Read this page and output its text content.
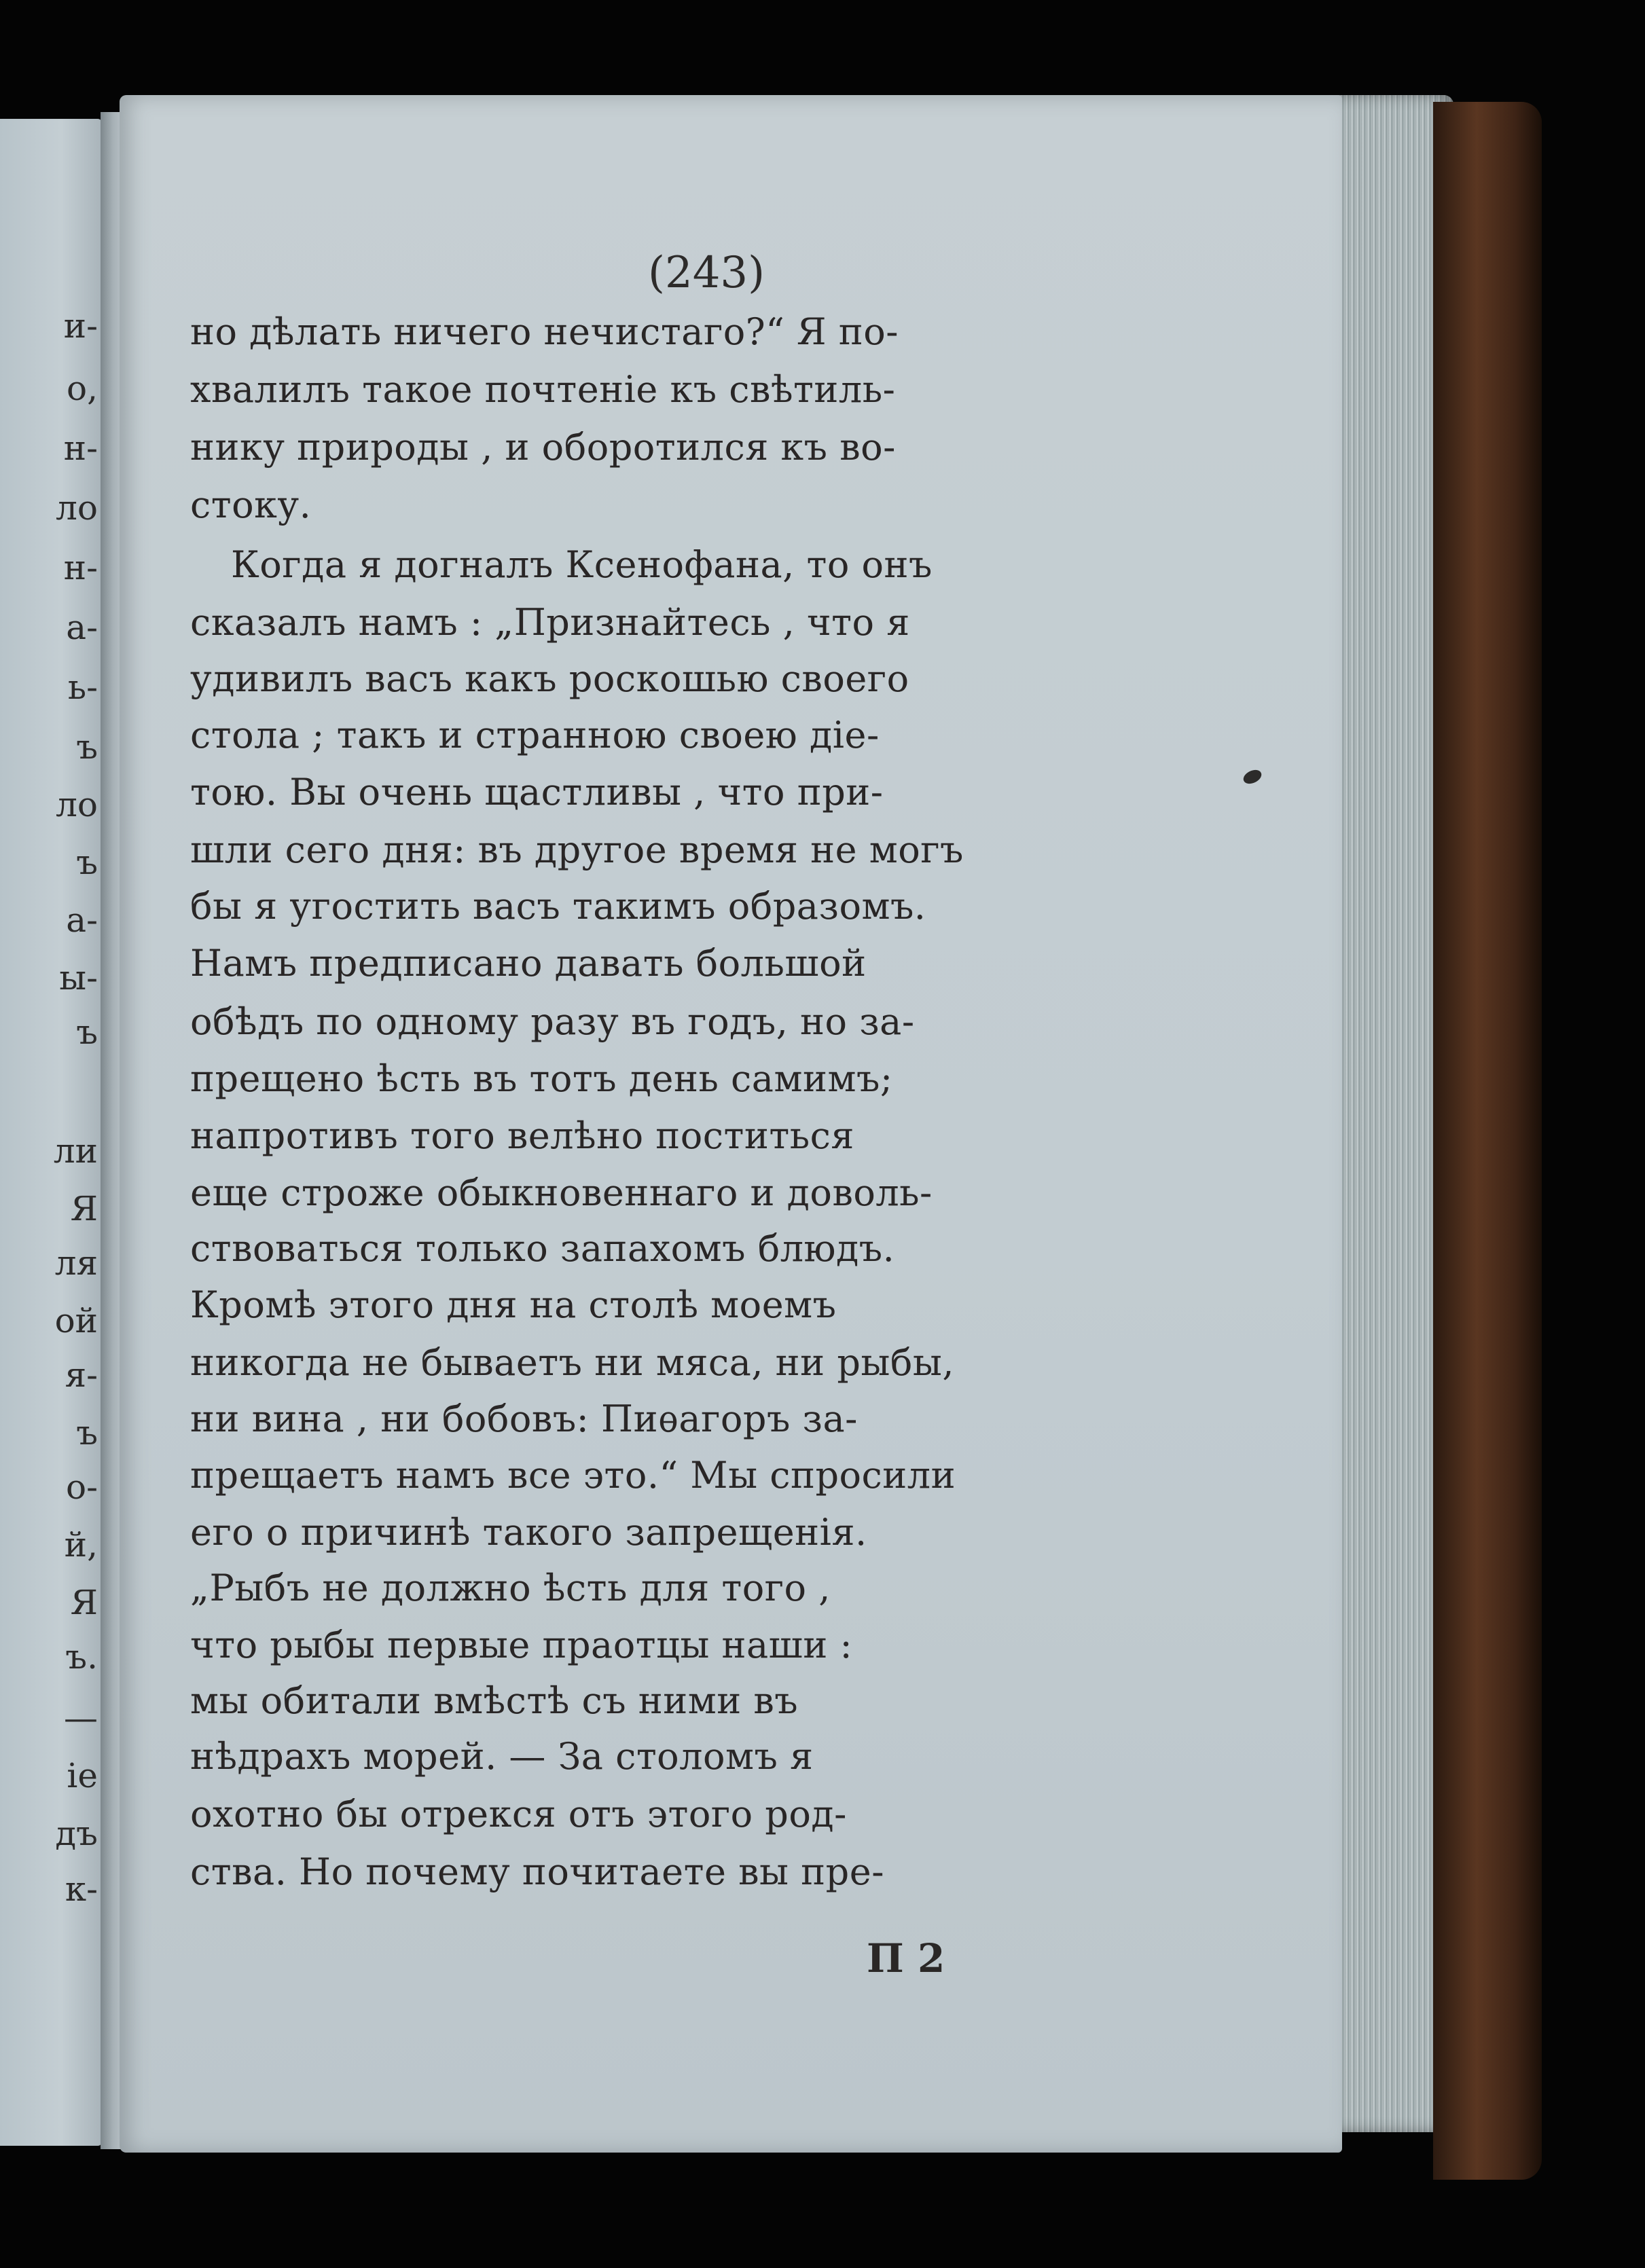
и-
о,
н-
ло
н-
а-
ь-
ъ
ло
ъ
а-
ы-
ъ
ли
Я
ля
ой
я-
ъ
о-
й,
Я
ъ.
—
іе
дъ
к-
(243)
но дѣлать ничего нечистаго?“ Я по-
хвалилъ такое почтеніе къ свѣтиль-
нику природы , и оборотился къ во-
стоку.
Когда я догналъ Ксенофана, то онъ
сказалъ намъ : „Признайтесь , что я
удивилъ васъ какъ роскошью своего
стола ; такъ и странною своею діе-
тою. Вы очень щастливы , что при-
шли сего дня: въ другое время не могъ
бы я угостить васъ такимъ образомъ.
Намъ предписано давать большой
обѣдъ по одному разу въ годъ, но за-
прещено ѣсть въ тотъ день самимъ;
напротивъ того велѣно поститься
еще строже обыкновеннаго и доволь-
ствоваться только запахомъ блюдъ.
Кромѣ этого дня на столѣ моемъ
никогда не бываетъ ни мяса, ни рыбы,
ни вина , ни бобовъ: Пиѳагоръ за-
прещаетъ намъ все это.“ Мы спросили
его о причинѣ такого запрещенія.
„Рыбъ не должно ѣсть для того ,
что рыбы первые праотцы наши :
мы обитали вмѣстѣ съ ними въ
нѣдрахъ морей. — За столомъ я
охотно бы отрекся отъ этого род-
ства. Но почему почитаете вы пре-
П 2
